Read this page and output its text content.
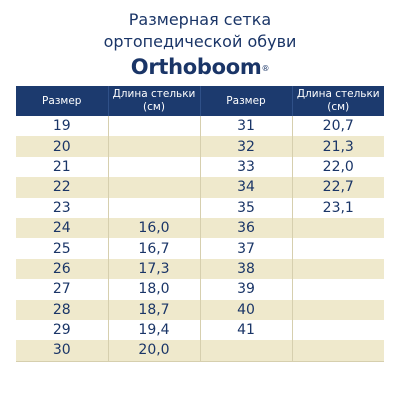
Размерная сетка
ортопедической обуви
Orthoboom®
Размер	Длина стельки (см)	Размер	Длина стельки (см)
19		31	20,7
20		32	21,3
21		33	22,0
22		34	22,7
23		35	23,1
24	16,0	36	
25	16,7	37	
26	17,3	38	
27	18,0	39	
28	18,7	40	
29	19,4	41	
30	20,0		
